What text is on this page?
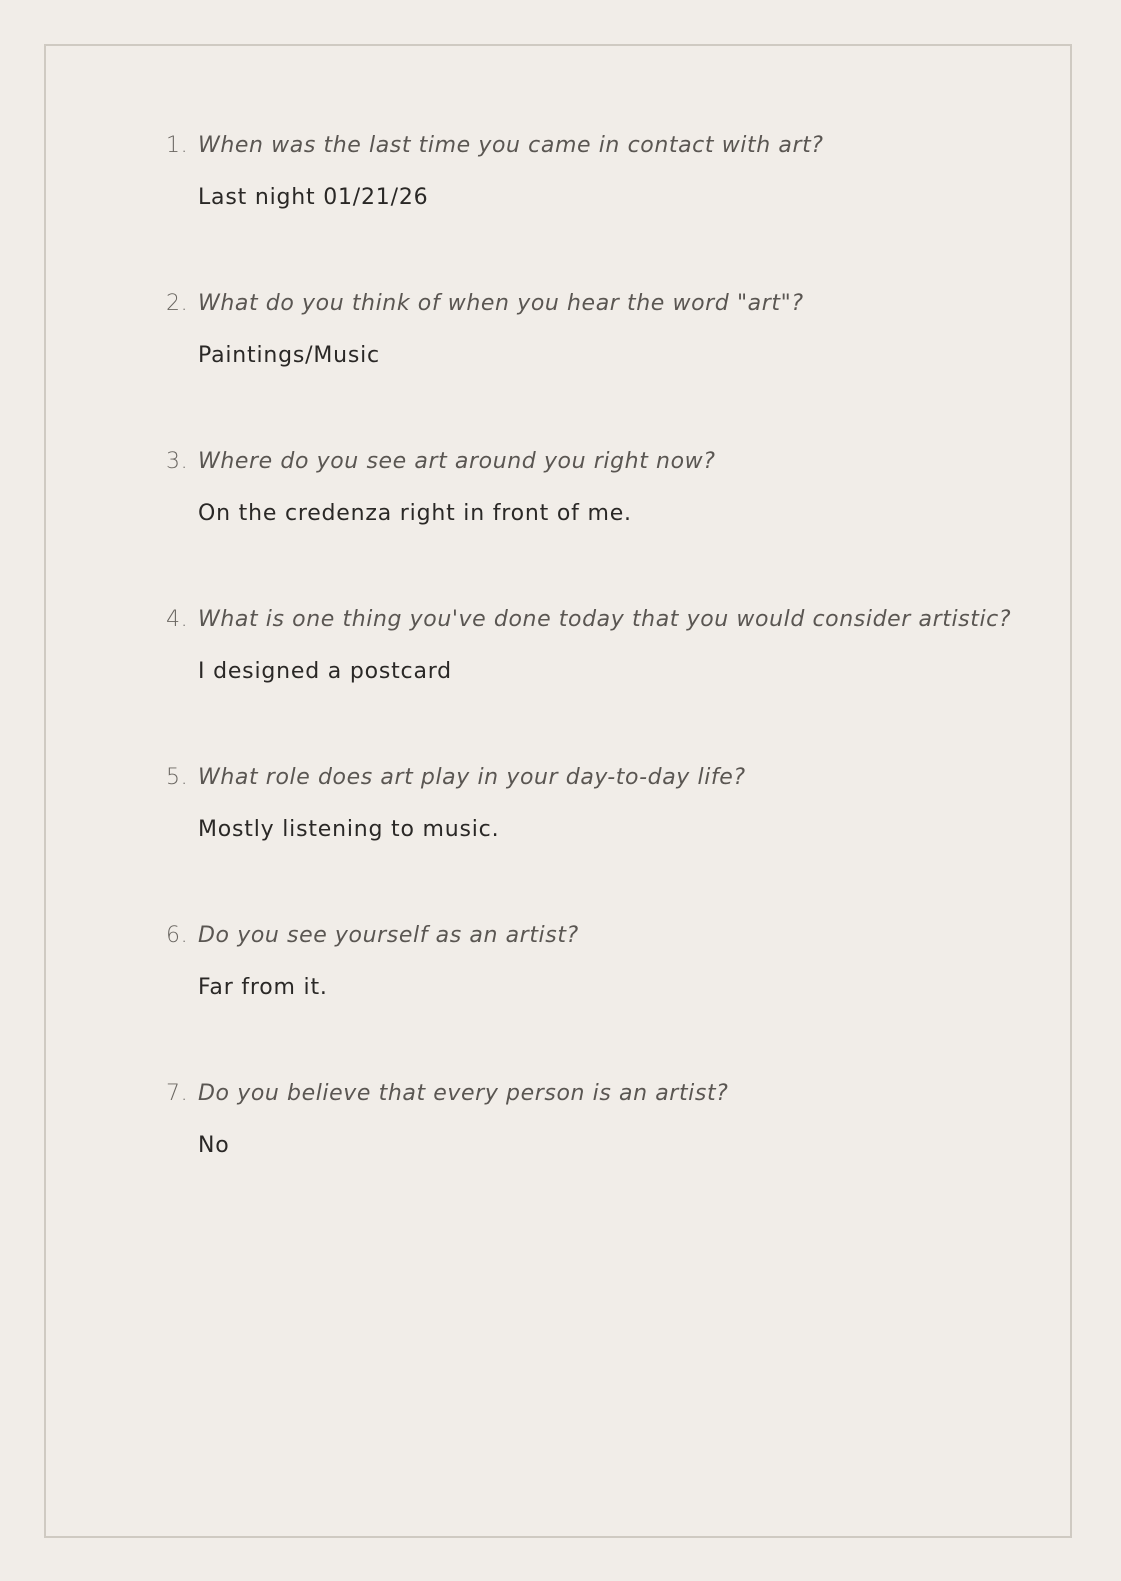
1. When was the last time you came in contact with art?
Last night 01/21/26
2. What do you think of when you hear the word "art"?
Paintings/Music
3. Where do you see art around you right now?
On the credenza right in front of me.
4. What is one thing you've done today that you would consider artistic?
I designed a postcard
5. What role does art play in your day-to-day life?
Mostly listening to music.
6. Do you see yourself as an artist?
Far from it.
7. Do you believe that every person is an artist?
No
